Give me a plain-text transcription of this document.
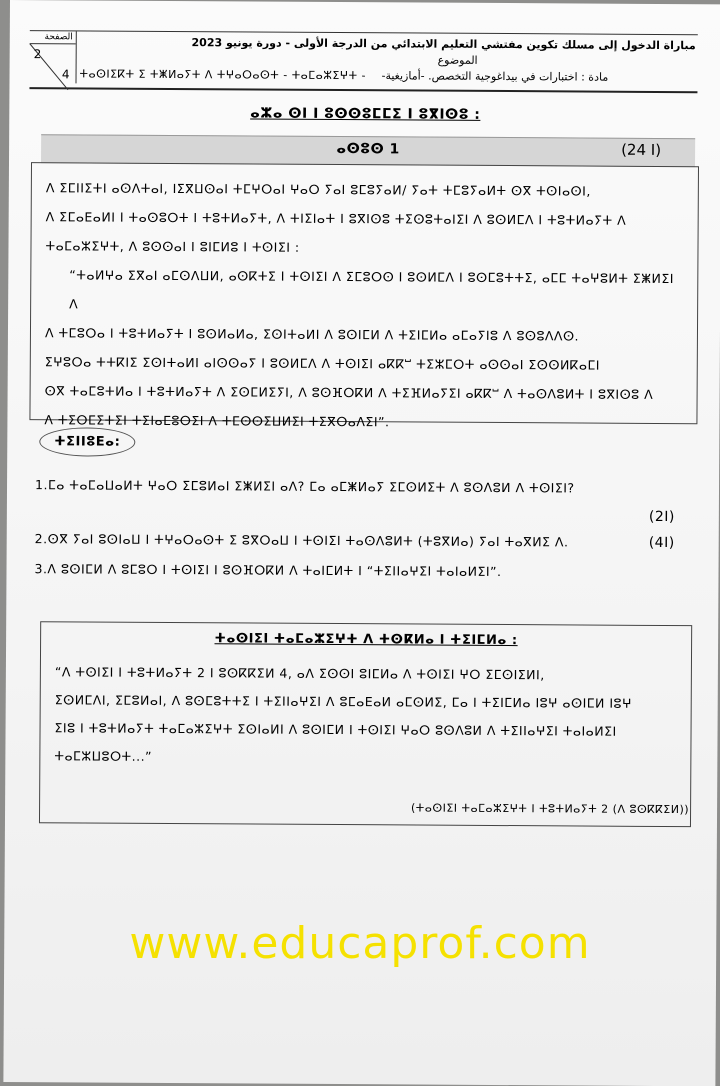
الصفحة
2
4
مباراة الدخول إلى مسلك تكوين مفتشي التعليم الابتدائي من الدرجة الأولى - دورة يونيو 2023
الموضوع
ⵜⴰⵙⵏⵉⴽⵜ ⵉ ⵜⵥⵍⴰⵢⵜ ⴷ ⵜⵖⴰⵔⴰⵙⵜ - ⵜⴰⵎⴰⵣⵉⵖⵜ - مادة : اختبارات في بيداغوجية التخصص. -أمازيغية-
ⴰⵣⴰ ⵙⵏ ⵏ ⵓⵙⵙⵓⵎⵎⵉ ⵏ ⵓⴳⵏⵙⵓ :
ⴰⵙⵓⵙ 1	(24 ⵏ)
ⴷ ⵉⵎⵏⵏⵉⵜⵏ ⴰⵙⴷⵜⴰⵏ, ⵏⵉⴳⵡⵙⴰⵏ ⵜⵎⵖⵔⴰⵏ ⵖⴰⵔ ⵢⴰⵏ ⵓⵎⵓⵢⴰⵍ/ ⵢⴰⵜ ⵜⵎⵓⵢⴰⵍⵜ ⵙⴳ ⵜⵙⵏⴰⵙⵏ,
ⴷ ⵉⵎⴰⴹⴰⵍⵏ ⵏ ⵜⴰⵙⵓⵔⵜ ⵏ ⵜⵓⵜⵍⴰⵢⵜ, ⴷ ⵜⵏⵉⵏⴰⵜ ⵏ ⵓⴳⵏⵙⵓ ⵜⵉⵙⵓⵜⴰⵏⵉⵏ ⴷ ⵓⵙⵍⵎⴷ ⵏ ⵜⵓⵜⵍⴰⵢⵜ ⴷ
ⵜⴰⵎⴰⵣⵉⵖⵜ, ⴷ ⵓⵙⵙⴰⵏ ⵏ ⵓⵏⵎⵍⵓ ⵏ ⵜⵙⵏⵉⵏ :
“ⵜⴰⵍⵖⴰ ⵉⴳⴰⵏ ⴰⵎⵙⴷⵡⵍ, ⴰⵙⴽⵜⵉ ⵏ ⵜⵙⵏⵉⵏ ⴷ ⵉⵎⵓⵔⵙ ⵏ ⵓⵙⵍⵎⴷ ⵏ ⵓⵙⵎⵓⵜⵜⵉ, ⴰⵎⵎ ⵜⴰⵖⵓⵍⵜ ⵉⵥⵍⵉⵏ ⴷ
ⴷ ⵜⵎⵓⵔⴰ ⵏ ⵜⵓⵜⵍⴰⵢⵜ ⵏ ⵓⵙⵍⴰⵍⴰ, ⵉⵙⵏⵜⴰⵍⵏ ⴷ ⵓⵙⵏⵎⵍ ⴷ ⵜⵉⵏⵎⵍⴰ ⴰⵎⴰⵢⵏⵓ ⴷ ⵓⵙⵓⴷⴷⵙ.
ⵉⵖⵓⵔⴰ ⵜⵜⴽⵏⵉ ⵉⵙⵏⵜⴰⵍⵏ ⴰⵏⵙⵙⴰⵢ ⵏ ⵓⵙⵍⵎⴷ ⴷ ⵜⵙⵏⵉⵏ ⴰⴽⴽⵯ ⵜⵉⵣⵎⵔⵜ ⴰⵙⵙⴰⵏ ⵉⵙⵙⵍⴽⴰⵎⵏ
ⵙⴳ ⵜⴰⵎⵓⵜⵍⴰ ⵏ ⵜⵓⵜⵍⴰⵢⵜ ⴷ ⵉⵙⵎⵍⵉⵢⵏ, ⴷ ⵓⵙⴼⵔⴽⵍ ⴷ ⵜⵉⴼⵍⴰⵢⵉⵏ ⴰⴽⴽⵯ ⴷ ⵜⴰⵙⴷⵓⵍⵜ ⵏ ⵓⴳⵏⵙⵓ ⴷ
ⴷ ⵜⵉⵔⵎⵉⵜⵉⵏ ⵜⵉⵏⴰⵎⵓⵔⵉⵏ ⴷ ⵜⵎⵙⵙⵉⵡⵍⵉⵏ ⵜⵉⴳⵔⴰⴷⵉⵏ”.
ⵜⵉⵏⵏⵓⴹⴰ:
1.ⵎⴰ ⵜⴰⵎⴰⵡⴰⵍⵜ ⵖⴰⵔ ⵉⵎⵓⵍⴰⵏ ⵉⵥⵍⵉⵏ ⴰⴷ? ⵎⴰ ⴰⵎⵥⵍⴰⵢ ⵉⵎⵙⵍⵉⵜ ⴷ ⵓⵙⴷⵓⵍ ⴷ ⵜⵙⵏⵉⵏ?
(2ⵏ)
2.ⵙⴳ ⵢⴰⵏ ⵓⵙⵏⴰⵡ ⵏ ⵜⵖⴰⵔⴰⵙⵜ ⵉ ⵓⴳⵔⴰⵡ ⵏ ⵜⵙⵏⵉⵏ ⵜⴰⵙⴷⵓⵍⵜ (ⵜⵓⴳⵍⴰ) ⵢⴰⵏ ⵜⴰⴳⵍⵉ ⴷ.	(4ⵏ)
3.ⴷ ⵓⵙⵏⵎⵍ ⴷ ⵓⵎⵓⵔ ⵏ ⵜⵙⵏⵉⵏ ⵏ ⵓⵙⴼⵔⴽⵍ ⴷ ⵜⴰⵏⵎⵍⵜ ⵏ “ⵜⵉⵏⵏⴰⵖⵉⵏ ⵜⴰⵏⴰⵍⵉⵏ”.
ⵜⴰⵙⵏⵉⵏ ⵜⴰⵎⴰⵣⵉⵖⵜ ⴷ ⵜⵙⴽⵍⴰ ⵏ ⵜⵉⵏⵎⵍⴰ :
“ⴷ ⵜⵙⵏⵉⵏ ⵏ ⵜⵓⵜⵍⴰⵢⵜ 2 ⵏ ⵓⵙⴽⴽⵉⵍ 4, ⴰⴷ ⵉⵙⵙⵏ ⵓⵏⵎⵍⴰ ⴷ ⵜⵙⵏⵉⵏ ⵖⵔ ⵉⵎⵙⵏⵉⵍⵏ,
ⵉⵙⵍⵎⴷⵏ, ⵉⵎⵓⵍⴰⵏ, ⴷ ⵓⵙⵎⵓⵜⵜⵉ ⵏ ⵜⵉⵏⵏⴰⵖⵉⵏ ⴷ ⵓⵎⴰⴹⴰⵍ ⴰⵎⵙⵍⵉ, ⵎⴰ ⵏ ⵜⵉⵏⵎⵍⴰ ⵏⵓⵖ ⴰⵙⵏⵎⵍ ⵏⵓⵖ
ⵉⵏⵓ ⵏ ⵜⵓⵜⵍⴰⵢⵜ ⵜⴰⵎⴰⵣⵉⵖⵜ ⵉⵙⵏⴰⵍⵏ ⴷ ⵓⵙⵏⵎⵍ ⵏ ⵜⵙⵏⵉⵏ ⵖⴰⵔ ⵓⵙⴷⵓⵍ ⴷ ⵜⵉⵏⵏⴰⵖⵉⵏ ⵜⴰⵏⴰⵍⵉⵏ
ⵜⴰⵎⵣⵡⵓⵔⵜ...”
(ⵜⴰⵙⵏⵉⵏ ⵜⴰⵎⴰⵣⵉⵖⵜ ⵏ ⵜⵓⵜⵍⴰⵢⵜ 2 (ⴷ ⵓⵙⴽⴽⵉⵍ))
www.educaprof.com
